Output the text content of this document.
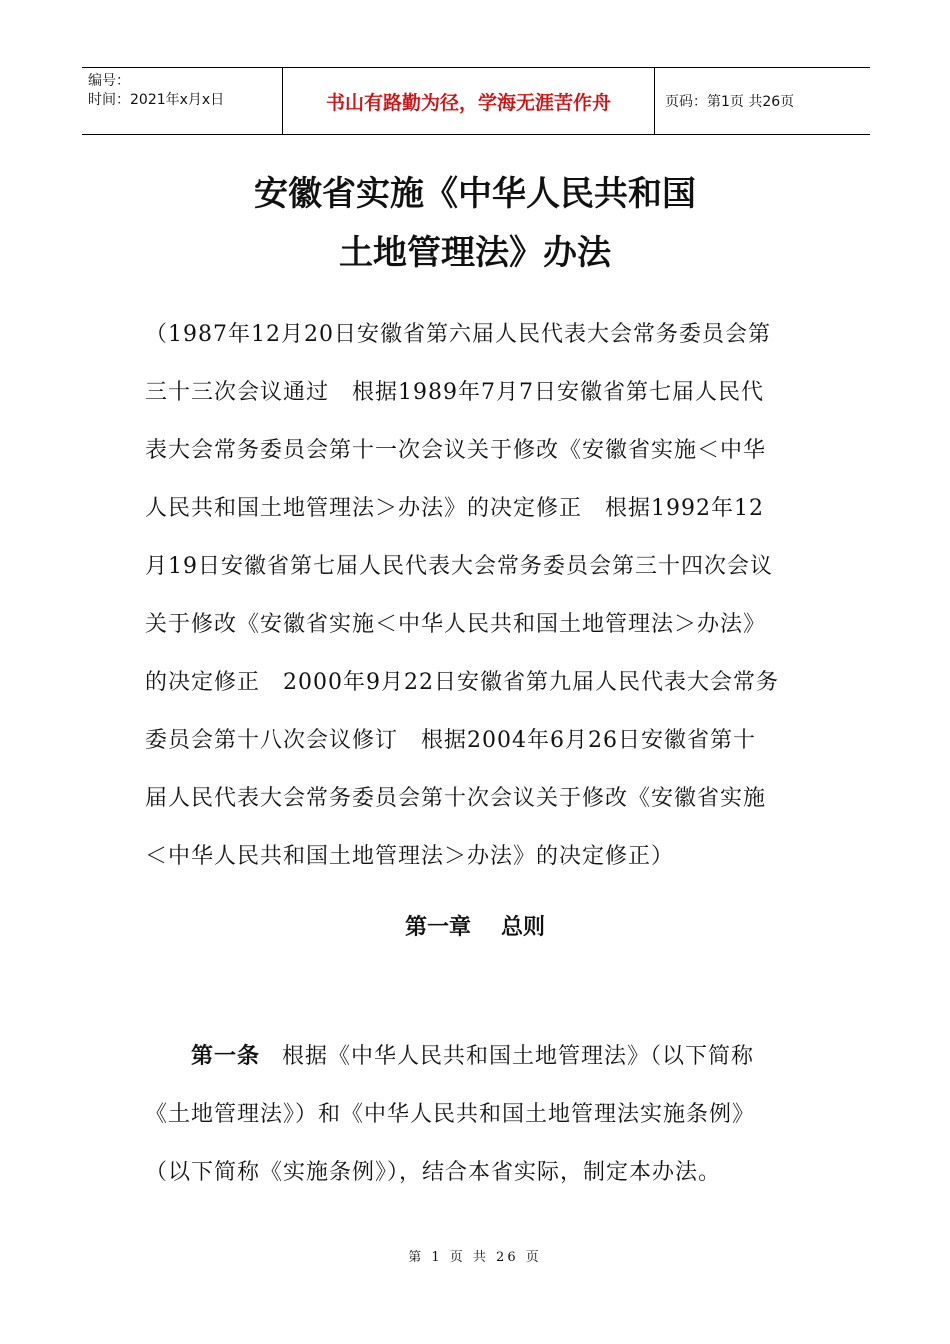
编号：
时间：2021年x月x日	书山有路勤为径，学海无涯苦作舟	页码：第1页 共26页
安徽省实施《中华人民共和国
土地管理法》办法

（1987年12月20日安徽省第六届人民代表大会常务委员会第

三十三次会议通过　根据1989年7月7日安徽省第七届人民代

表大会常务委员会第十一次会议关于修改《安徽省实施＜中华

人民共和国土地管理法＞办法》的决定修正　根据1992年12

月19日安徽省第七届人民代表大会常务委员会第三十四次会议

关于修改《安徽省实施＜中华人民共和国土地管理法＞办法》

的决定修正　2000年9月22日安徽省第九届人民代表大会常务

委员会第十八次会议修订　根据2004年6月26日安徽省第十

届人民代表大会常务委员会第十次会议关于修改《安徽省实施

＜中华人民共和国土地管理法＞办法》的决定修正）

第一章 总则

第一条 根据《中华人民共和国土地管理法》（以下简称

《土地管理法》）和《中华人民共和国土地管理法实施条例》

（以下简称《实施条例》），结合本省实际，制定本办法。

第 1 页 共 26 页
